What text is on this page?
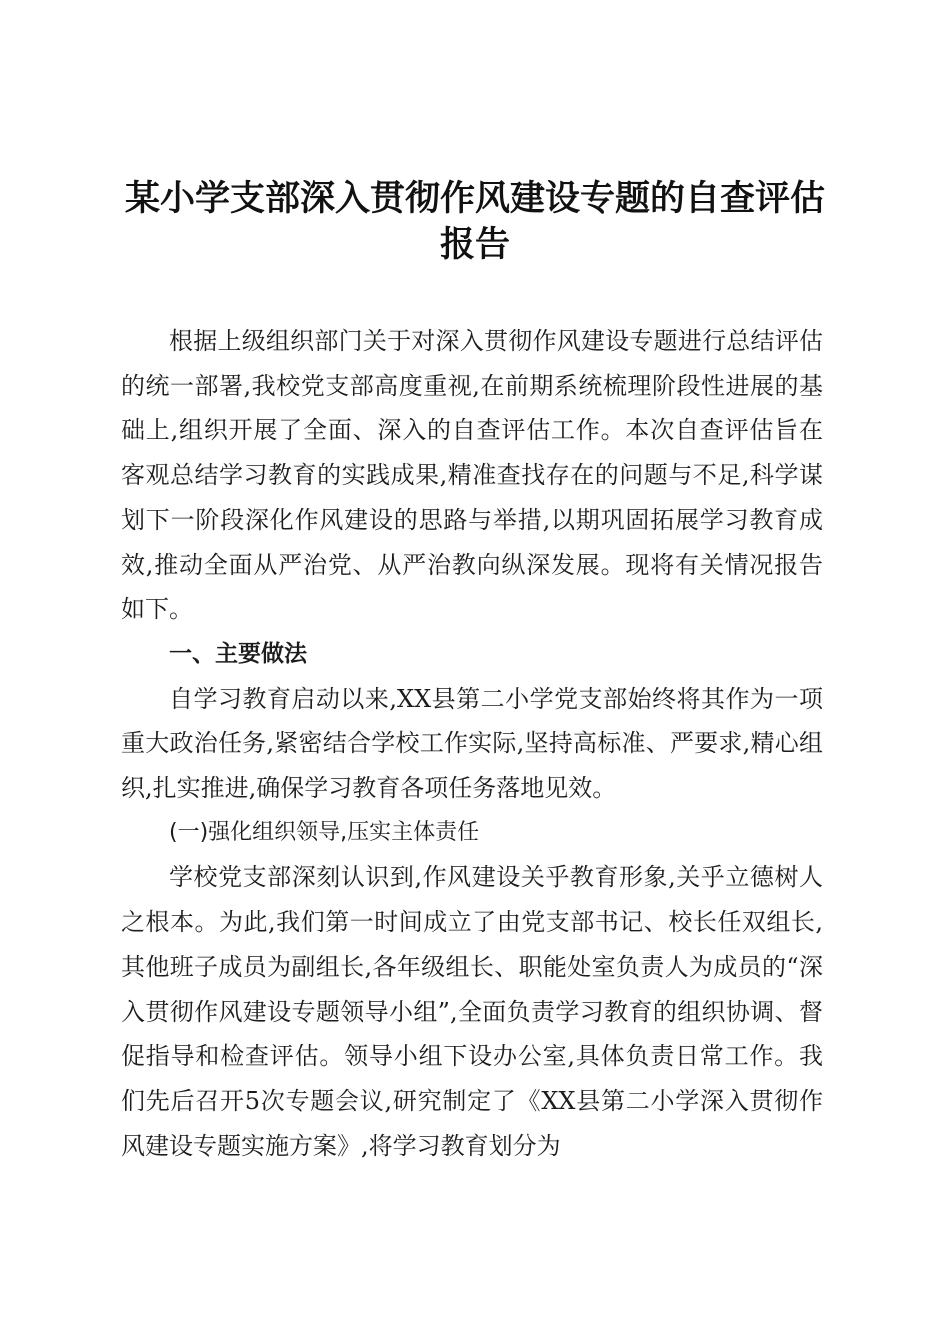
某小学支部深入贯彻作风建设专题的自查评估报告

根据上级组织部门关于对深入贯彻作风建设专题进行总结评估的统一部署,我校党支部高度重视,在前期系统梳理阶段性进展的基础上,组织开展了全面、深入的自查评估工作。本次自查评估旨在客观总结学习教育的实践成果,精准查找存在的问题与不足,科学谋划下一阶段深化作风建设的思路与举措,以期巩固拓展学习教育成效,推动全面从严治党、从严治教向纵深发展。现将有关情况报告如下。

一、主要做法

自学习教育启动以来,XX县第二小学党支部始终将其作为一项重大政治任务,紧密结合学校工作实际,坚持高标准、严要求,精心组织,扎实推进,确保学习教育各项任务落地见效。

(一)强化组织领导,压实主体责任

学校党支部深刻认识到,作风建设关乎教育形象,关乎立德树人之根本。为此,我们第一时间成立了由党支部书记、校长任双组长,其他班子成员为副组长,各年级组长、职能处室负责人为成员的“深入贯彻作风建设专题领导小组”,全面负责学习教育的组织协调、督促指导和检查评估。领导小组下设办公室,具体负责日常工作。我们先后召开5次专题会议,研究制定了《XX县第二小学深入贯彻作风建设专题实施方案》,将学习教育划分为
